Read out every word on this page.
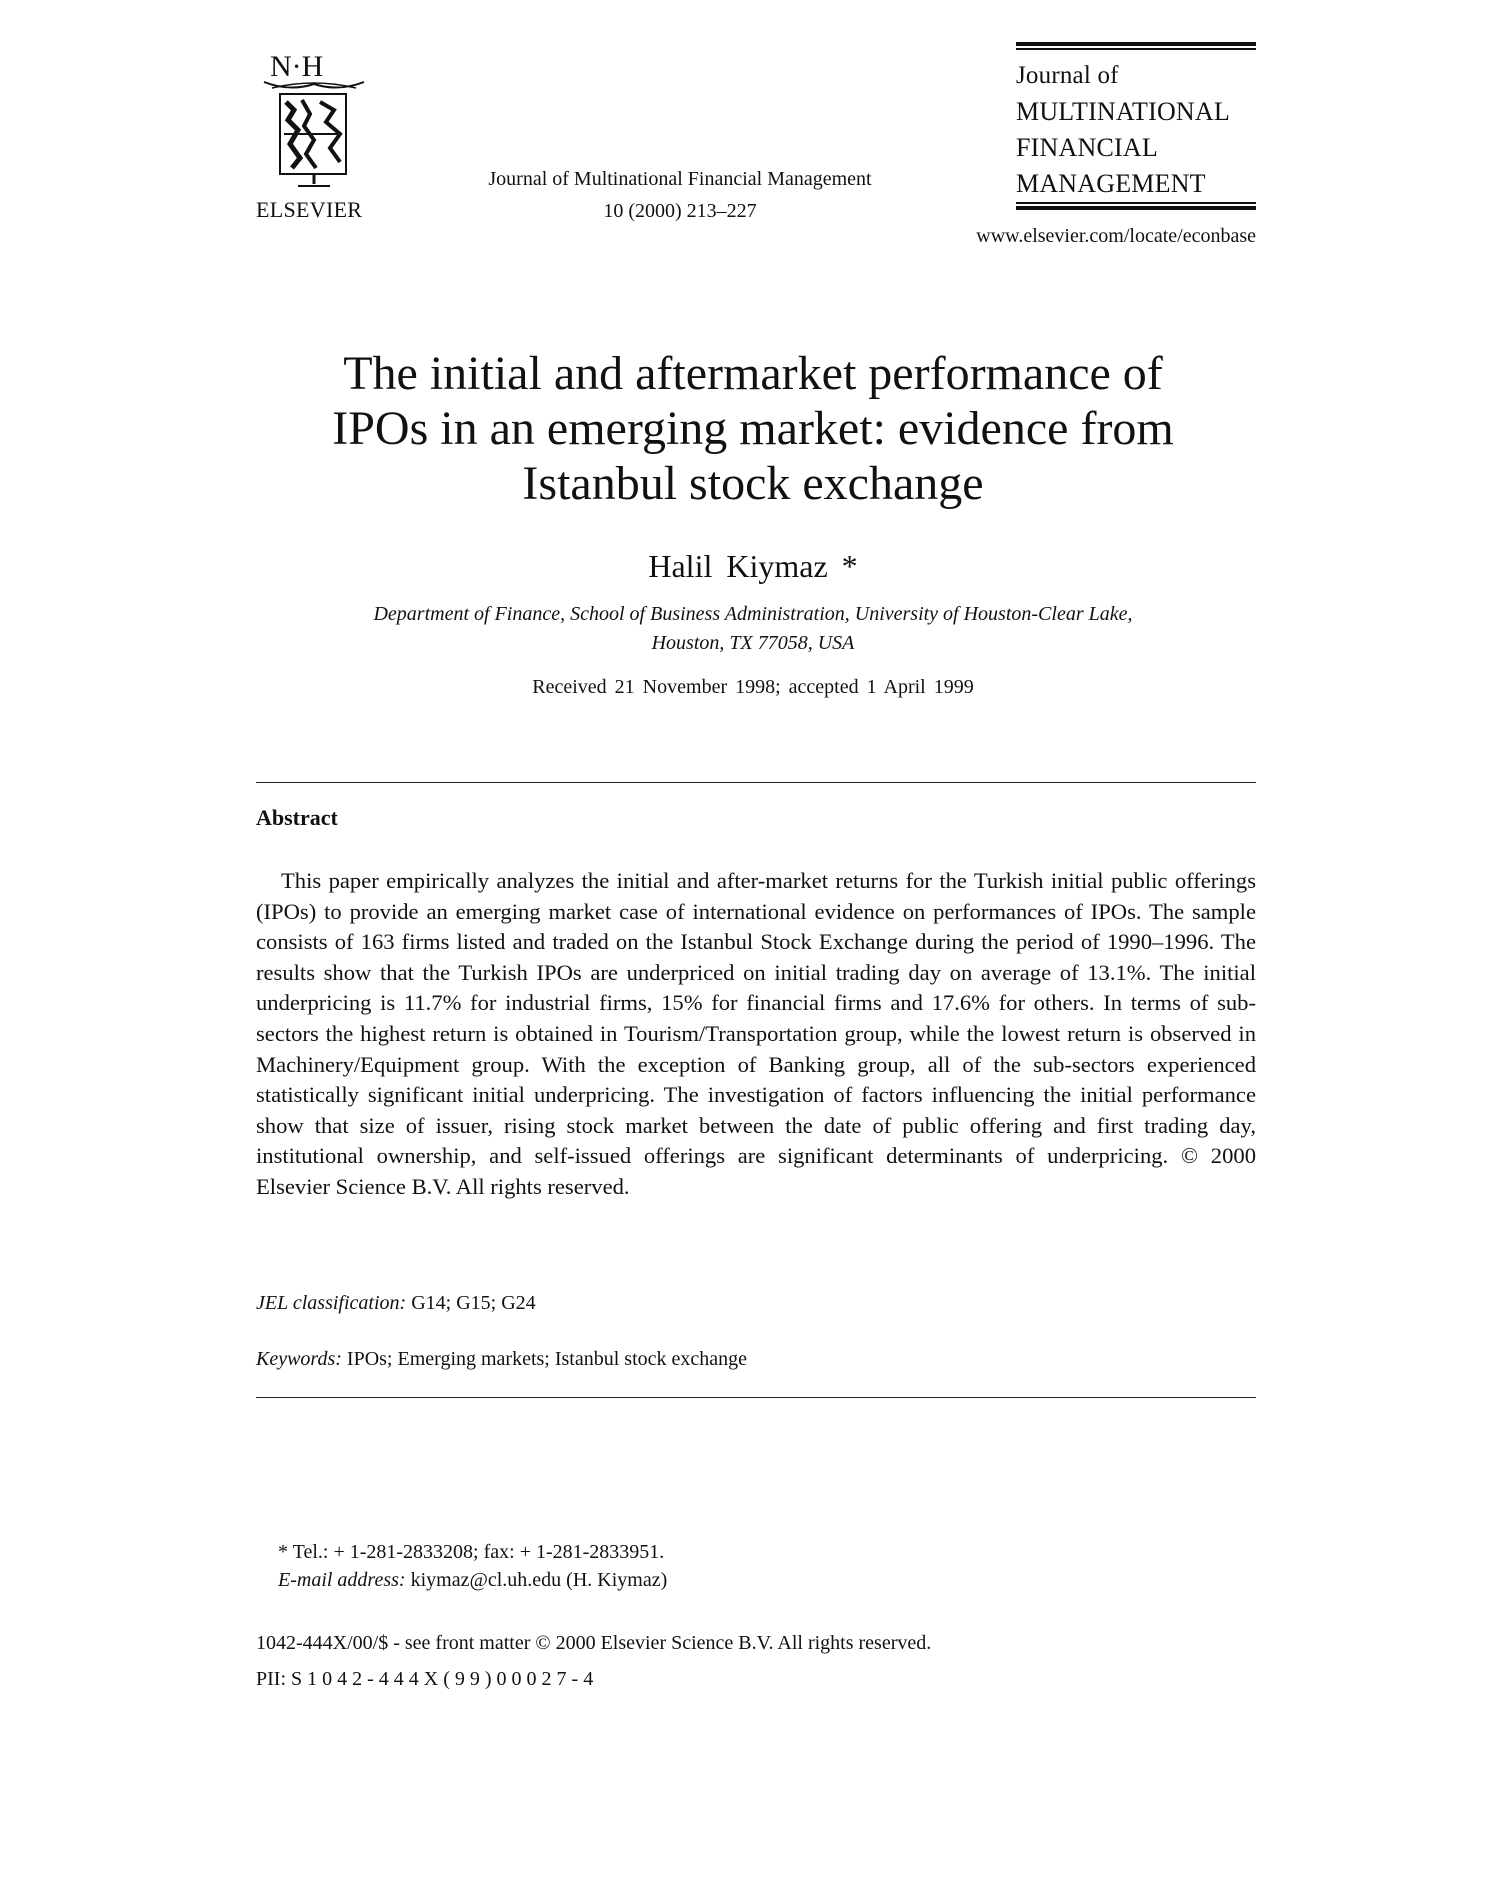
N·H
ELSEVIER
Journal of Multinational Financial Management
10 (2000) 213–227
Journal of
MULTINATIONAL
FINANCIAL
MANAGEMENT
www.elsevier.com/locate/econbase
The initial and aftermarket performance of
IPOs in an emerging market: evidence from
Istanbul stock exchange
Halil Kiymaz *
Department of Finance, School of Business Administration, University of Houston-Clear Lake,
Houston, TX 77058, USA
Received 21 November 1998; accepted 1 April 1999
Abstract

This paper empirically analyzes the initial and after-market returns for the Turkish initial public offerings (IPOs) to provide an emerging market case of international evidence on performances of IPOs. The sample consists of 163 firms listed and traded on the Istanbul Stock Exchange during the period of 1990–1996. The results show that the Turkish IPOs are underpriced on initial trading day on average of 13.1%. The initial underpricing is 11.7% for industrial firms, 15% for financial firms and 17.6% for others. In terms of sub-sectors the highest return is obtained in Tourism/Transportation group, while the lowest return is observed in Machinery/Equipment group. With the exception of Banking group, all of the sub-sectors experienced statistically significant initial underpricing. The investigation of factors influencing the initial performance show that size of issuer, rising stock market between the date of public offering and first trading day, institutional ownership, and self-issued offerings are significant determinants of underpricing. © 2000 Elsevier Science B.V. All rights reserved.

JEL classification: G14; G15; G24
Keywords: IPOs; Emerging markets; Istanbul stock exchange
* Tel.: + 1-281-2833208; fax: + 1-281-2833951.
E-mail address: kiymaz@cl.uh.edu (H. Kiymaz)
1042-444X/00/$ - see front matter © 2000 Elsevier Science B.V. All rights reserved.
PII: S1042-444X(99)00027-4
